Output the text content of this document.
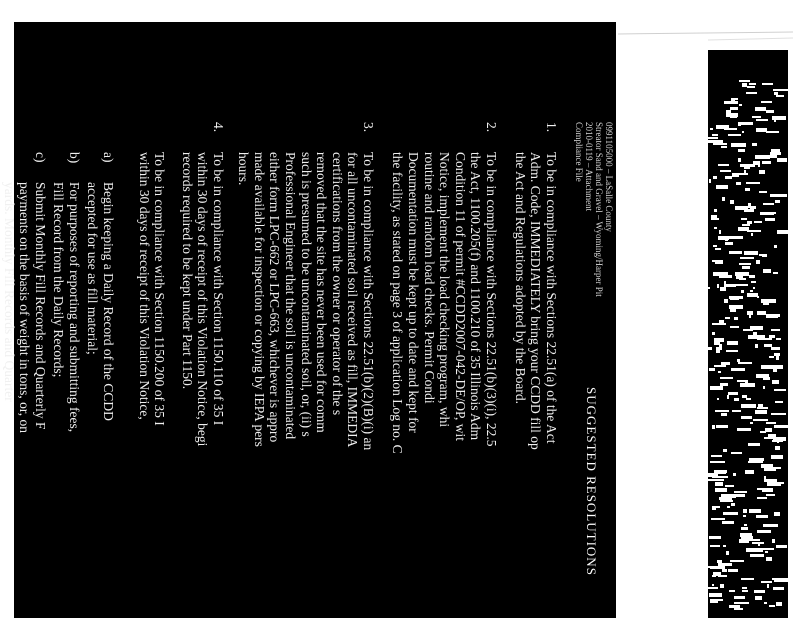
0991105000 – LaSalle County
Streator Sand and Gravel – Wyoming/Harper Pit
2010-0119 – Attachment
Compliance File
SUGGESTED RESOLUTIONS
1.
To be in compliance with Sections 22.51(a) of the Act
Adm. Code, IMMEDIATELY bring your CCDD fill op
the Act and Regulations adopted by the Board.
2.
To be in compliance with Sections 22.51(b)(3)(i), 22.5
the Act, 1100.205(f) and 1100.210 of 35 Illinois Adm
Condition 11 of permit #CCDD2007-042-DE/OP, wit
Notice, implement the load checking program, whi
routine and random load checks. Permit Condi
Documentation must be kept up to date and kept for
the facility, as stated on page 3 of application Log no. C
3.
To be in compliance with Sections 22.51(b)(2)(B)(i) an
for all uncontaminated soil received as fill, IMMEDIA
certifications from the owner or operator of the s
removed that the site has never been used for comm
such is presumed to be uncontaminated soil, or, (ii) s
Professional Engineer that the soil is uncontaminated
either form LPC-662 or LPC-663, whichever is appro
made available for inspection or copying by IEPA pers
hours.
4.
To be in compliance with Section 1150.110 of 35 I
within 30 days of receipt of this Violation Notice, begi
records required to be kept under Part 1150.
To be in compliance with Section 1150.200 of 35 I
within 30 days of receipt of this Violation Notice,
a)
Begin keeping a Daily Record of the CCDD
accepted for use as fill material;
b)
For purposes of reporting and submitting fees,
Fill Record from the Daily Records;
c)
Submit Monthly Fill Records and Quarterly F
payments on the basis of weight in tons, or, on
yards. Monthly Fill Records and Quarter
